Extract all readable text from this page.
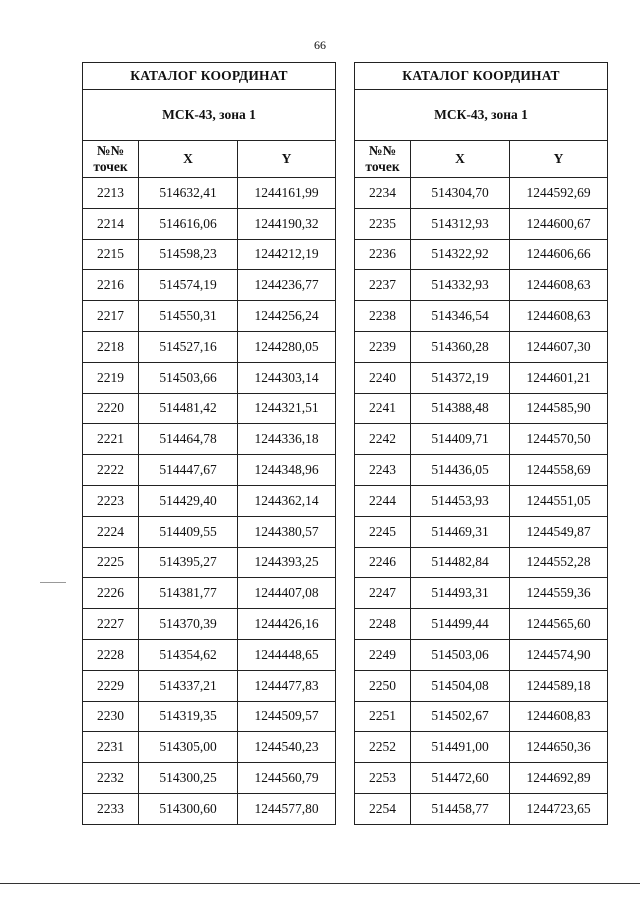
66
КАТАЛОГ КООРДИНАТ		
МСК-43, зона 1		
№№
точек	X	Y
2213	514632,41	1244161,99
2214	514616,06	1244190,32
2215	514598,23	1244212,19
2216	514574,19	1244236,77
2217	514550,31	1244256,24
2218	514527,16	1244280,05
2219	514503,66	1244303,14
2220	514481,42	1244321,51
2221	514464,78	1244336,18
2222	514447,67	1244348,96
2223	514429,40	1244362,14
2224	514409,55	1244380,57
2225	514395,27	1244393,25
2226	514381,77	1244407,08
2227	514370,39	1244426,16
2228	514354,62	1244448,65
2229	514337,21	1244477,83
2230	514319,35	1244509,57
2231	514305,00	1244540,23
2232	514300,25	1244560,79
2233	514300,60	1244577,80
КАТАЛОГ КООРДИНАТ		
МСК-43, зона 1		
№№
точек	X	Y
2234	514304,70	1244592,69
2235	514312,93	1244600,67
2236	514322,92	1244606,66
2237	514332,93	1244608,63
2238	514346,54	1244608,63
2239	514360,28	1244607,30
2240	514372,19	1244601,21
2241	514388,48	1244585,90
2242	514409,71	1244570,50
2243	514436,05	1244558,69
2244	514453,93	1244551,05
2245	514469,31	1244549,87
2246	514482,84	1244552,28
2247	514493,31	1244559,36
2248	514499,44	1244565,60
2249	514503,06	1244574,90
2250	514504,08	1244589,18
2251	514502,67	1244608,83
2252	514491,00	1244650,36
2253	514472,60	1244692,89
2254	514458,77	1244723,65
